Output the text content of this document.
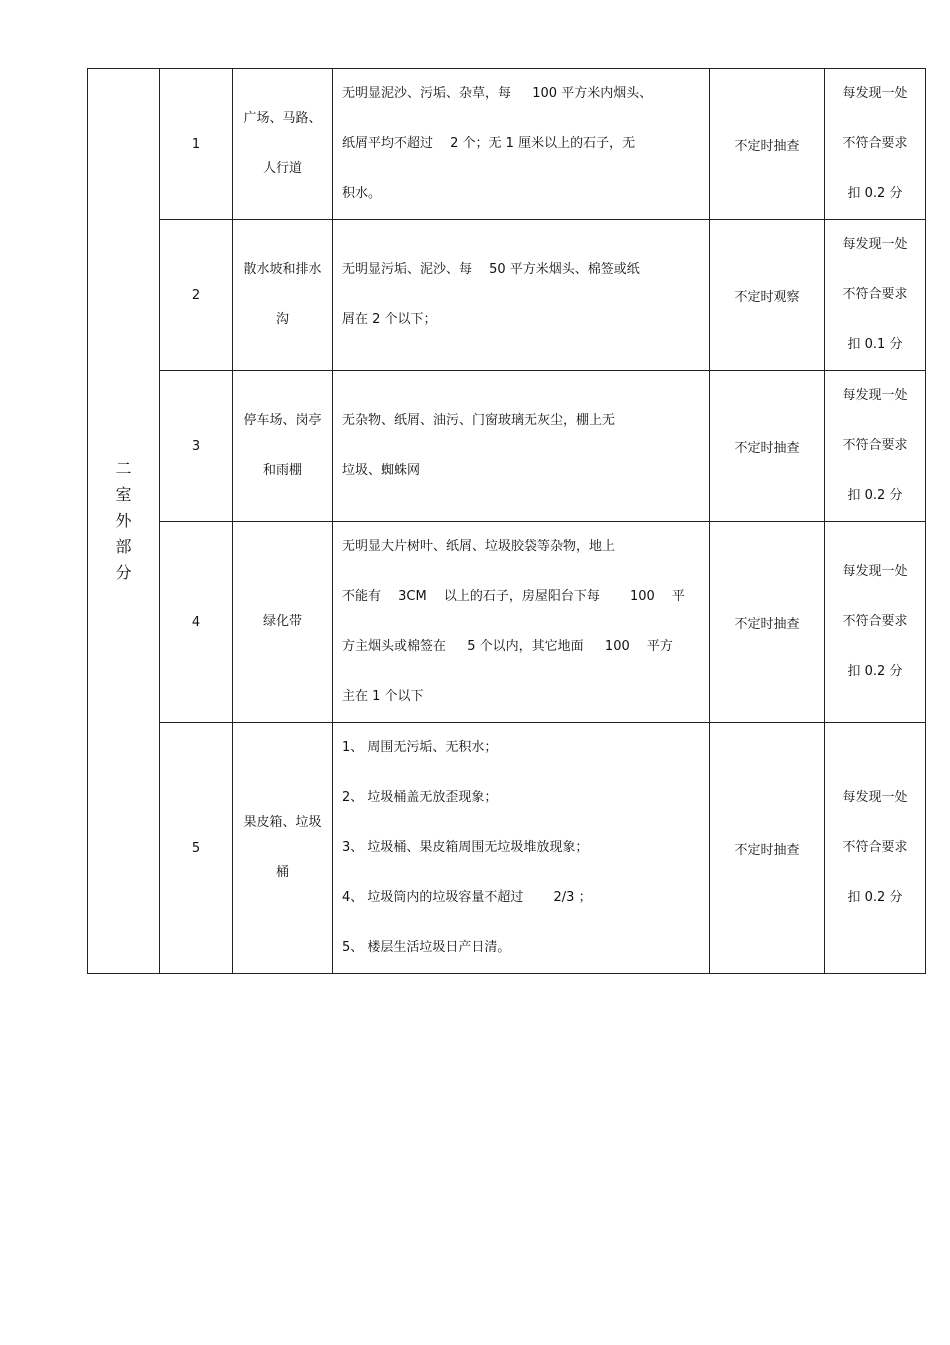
二室外部分	1	广场、马路、人行道	无明显泥沙、污垢、杂草，每 　 100 平方米内烟头、
纸屑平均不超过 　2 个；无 1 厘米以上的石子，无
积水。	不定时抽查	每发现一处
不符合要求
扣 0.2 分

	2	散水坡和排水沟	无明显污垢、泥沙、每 　50 平方米烟头、棉签或纸
屑在 2 个以下；	不定时观察	每发现一处
不符合要求
扣 0.1 分

	3	停车场、岗亭和雨棚	无杂物、纸屑、油污、门窗玻璃无灰尘，棚上无
垃圾、蜘蛛网	不定时抽查	每发现一处
不符合要求
扣 0.2 分

	4	绿化带	无明显大片树叶、纸屑、垃圾胶袋等杂物，地上
不能有 　3CM 　以上的石子，房屋阳台下每 　　100 　平
方主烟头或棉签在 　 5 个以内，其它地面 　 100 　平方
主在 1 个以下	不定时抽查	每发现一处
不符合要求
扣 0.2 分

	5	果皮箱、垃圾桶	1、 周围无污垢、无积水；
2、 垃圾桶盖无放歪现象；
3、 垃圾桶、果皮箱周围无垃圾堆放现象；
4、 垃圾筒内的垃圾容量不超过 　　2/3 ；
5、 楼层生活垃圾日产日清。	不定时抽查	每发现一处
不符合要求
扣 0.2 分
